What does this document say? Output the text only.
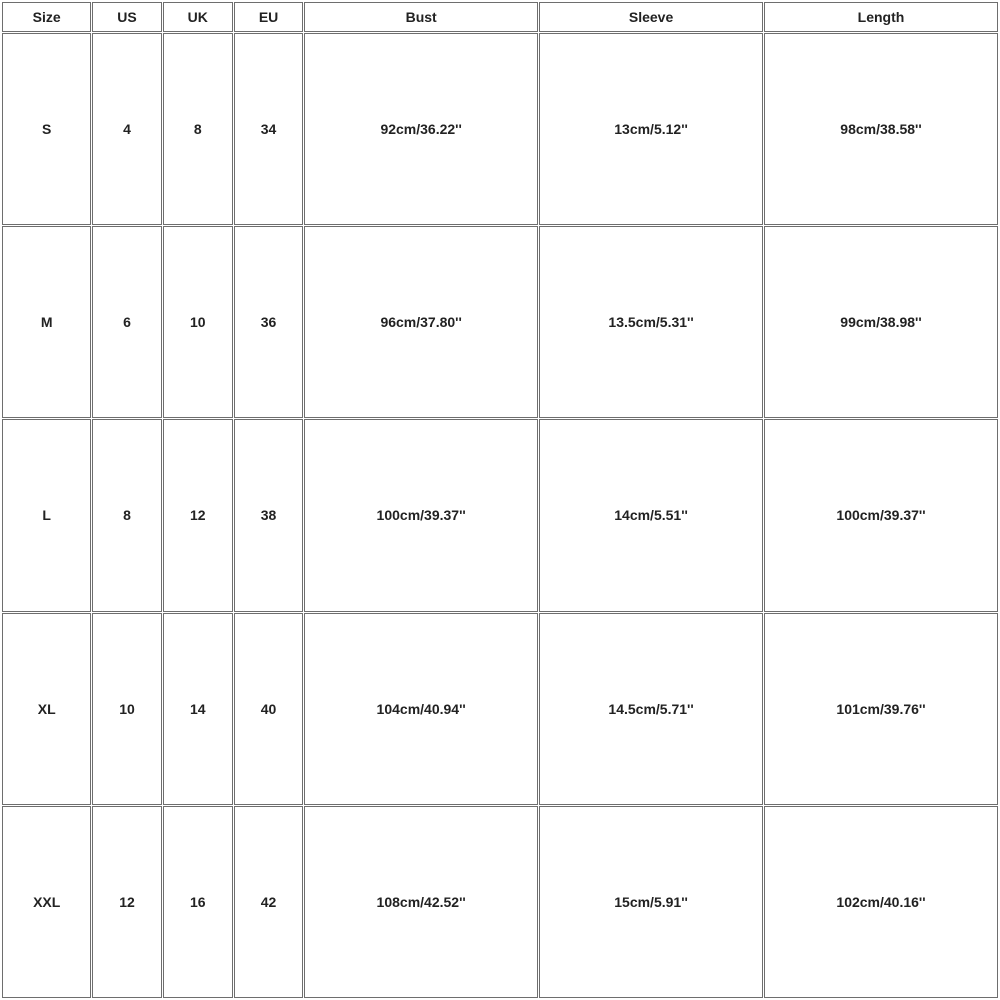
Size	US	UK	EU	Bust	Sleeve	Length
S	4	8	34	92cm/36.22''	13cm/5.12''	98cm/38.58''
M	6	10	36	96cm/37.80''	13.5cm/5.31''	99cm/38.98''
L	8	12	38	100cm/39.37''	14cm/5.51''	100cm/39.37''
XL	10	14	40	104cm/40.94''	14.5cm/5.71''	101cm/39.76''
XXL	12	16	42	108cm/42.52''	15cm/5.91''	102cm/40.16''
